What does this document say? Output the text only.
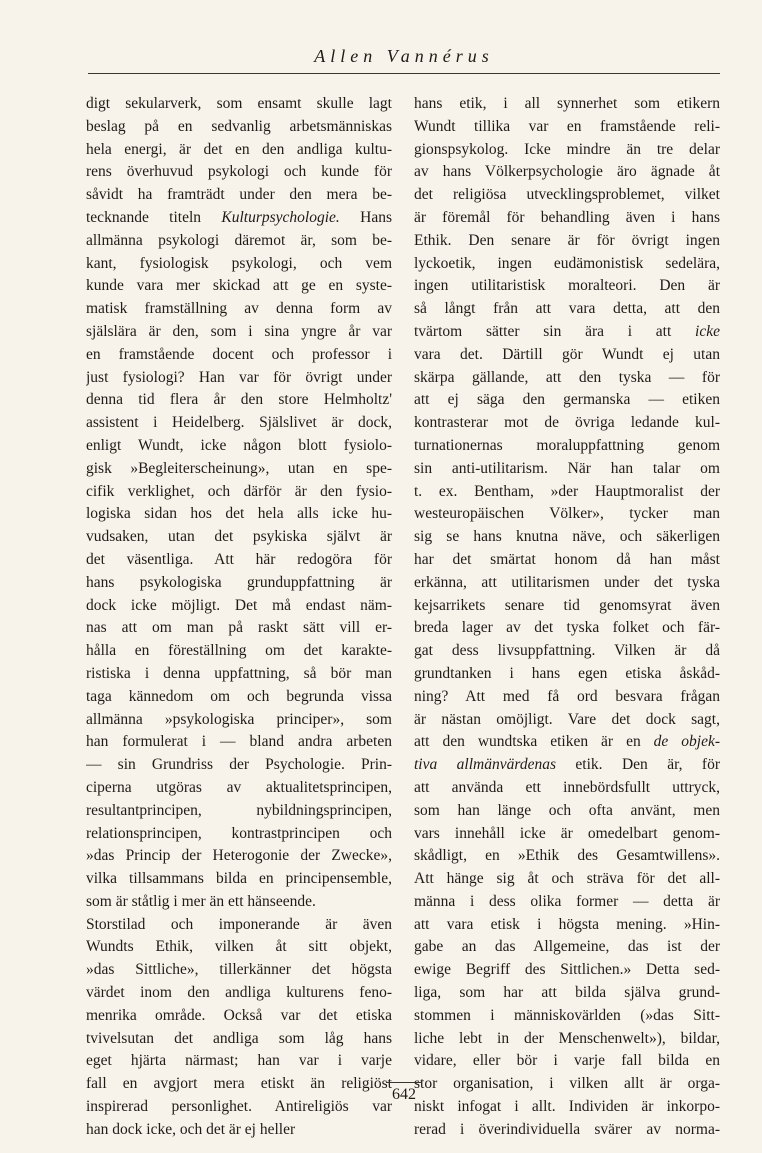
Allen Vannérus
digt sekularverk, som ensamt skulle lagt
beslag på en sedvanlig arbetsmänniskas
hela energi, är det en den andliga kultu-
rens överhuvud psykologi och kunde för
såvidt ha framträdt under den mera be-
tecknande titeln Kulturpsychologie. Hans
allmänna psykologi däremot är, som be-
kant, fysiologisk psykologi, och vem
kunde vara mer skickad att ge en syste-
matisk framställning av denna form av
själslära är den, som i sina yngre år var
en framstående docent och professor i
just fysiologi? Han var för övrigt under
denna tid flera år den store Helmholtz'
assistent i Heidelberg. Själslivet är dock,
enligt Wundt, icke någon blott fysiolo-
gisk »Begleiterscheinung», utan en spe-
cifik verklighet, och därför är den fysio-
logiska sidan hos det hela alls icke hu-
vudsaken, utan det psykiska självt är
det väsentliga. Att här redogöra för
hans psykologiska grunduppfattning är
dock icke möjligt. Det må endast näm-
nas att om man på raskt sätt vill er-
hålla en föreställning om det karakte-
ristiska i denna uppfattning, så bör man
taga kännedom om och begrunda vissa
allmänna »psykologiska principer», som
han formulerat i — bland andra arbeten
— sin Grundriss der Psychologie. Prin-
ciperna utgöras av aktualitetsprincipen,
resultantprincipen, nybildningsprincipen,
relationsprincipen, kontrastprincipen och
»das Princip der Heterogonie der Zwecke»,
vilka tillsammans bilda en principensemble,
som är ståtlig i mer än ett hänseende.
Storstilad och imponerande är även
Wundts Ethik, vilken åt sitt objekt,
»das Sittliche», tillerkänner det högsta
värdet inom den andliga kulturens feno-
menrika område. Också var det etiska
tvivelsutan det andliga som låg hans
eget hjärta närmast; han var i varje
fall en avgjort mera etiskt än religiöst
inspirerad personlighet. Antireligiös var
han dock icke, och det är ej heller
hans etik, i all synnerhet som etikern
Wundt tillika var en framstående reli-
gionspsykolog. Icke mindre än tre delar
av hans Völkerpsychologie äro ägnade åt
det religiösa utvecklingsproblemet, vilket
är föremål för behandling även i hans
Ethik. Den senare är för övrigt ingen
lyckoetik, ingen eudämonistisk sedelära,
ingen utilitaristisk moralteori. Den är
så långt från att vara detta, att den
tvärtom sätter sin ära i att icke
vara det. Därtill gör Wundt ej utan
skärpa gällande, att den tyska — för
att ej säga den germanska — etiken
kontrasterar mot de övriga ledande kul-
turnationernas moraluppfattning genom
sin anti-utilitarism. När han talar om
t. ex. Bentham, »der Hauptmoralist der
westeuropäischen Völker», tycker man
sig se hans knutna näve, och säkerligen
har det smärtat honom då han måst
erkänna, att utilitarismen under det tyska
kejsarrikets senare tid genomsyrat även
breda lager av det tyska folket och fär-
gat dess livsuppfattning. Vilken är då
grundtanken i hans egen etiska åskåd-
ning? Att med få ord besvara frågan
är nästan omöjligt. Vare det dock sagt,
att den wundtska etiken är en de objek-
tiva allmänvärdenas etik. Den är, för
att använda ett innebördsfullt uttryck,
som han länge och ofta använt, men
vars innehåll icke är omedelbart genom-
skådligt, en »Ethik des Gesamtwillens».
Att hänge sig åt och sträva för det all-
männa i dess olika former — detta är
att vara etisk i högsta mening. »Hin-
gabe an das Allgemeine, das ist der
ewige Begriff des Sittlichen.» Detta sed-
liga, som har att bilda själva grund-
stommen i människovärlden (»das Sitt-
liche lebt in der Menschenwelt»), bildar,
vidare, eller bör i varje fall bilda en
stor organisation, i vilken allt är orga-
niskt infogat i allt. Individen är inkorpo-
rerad i överindividuella svärer av norma-
642
